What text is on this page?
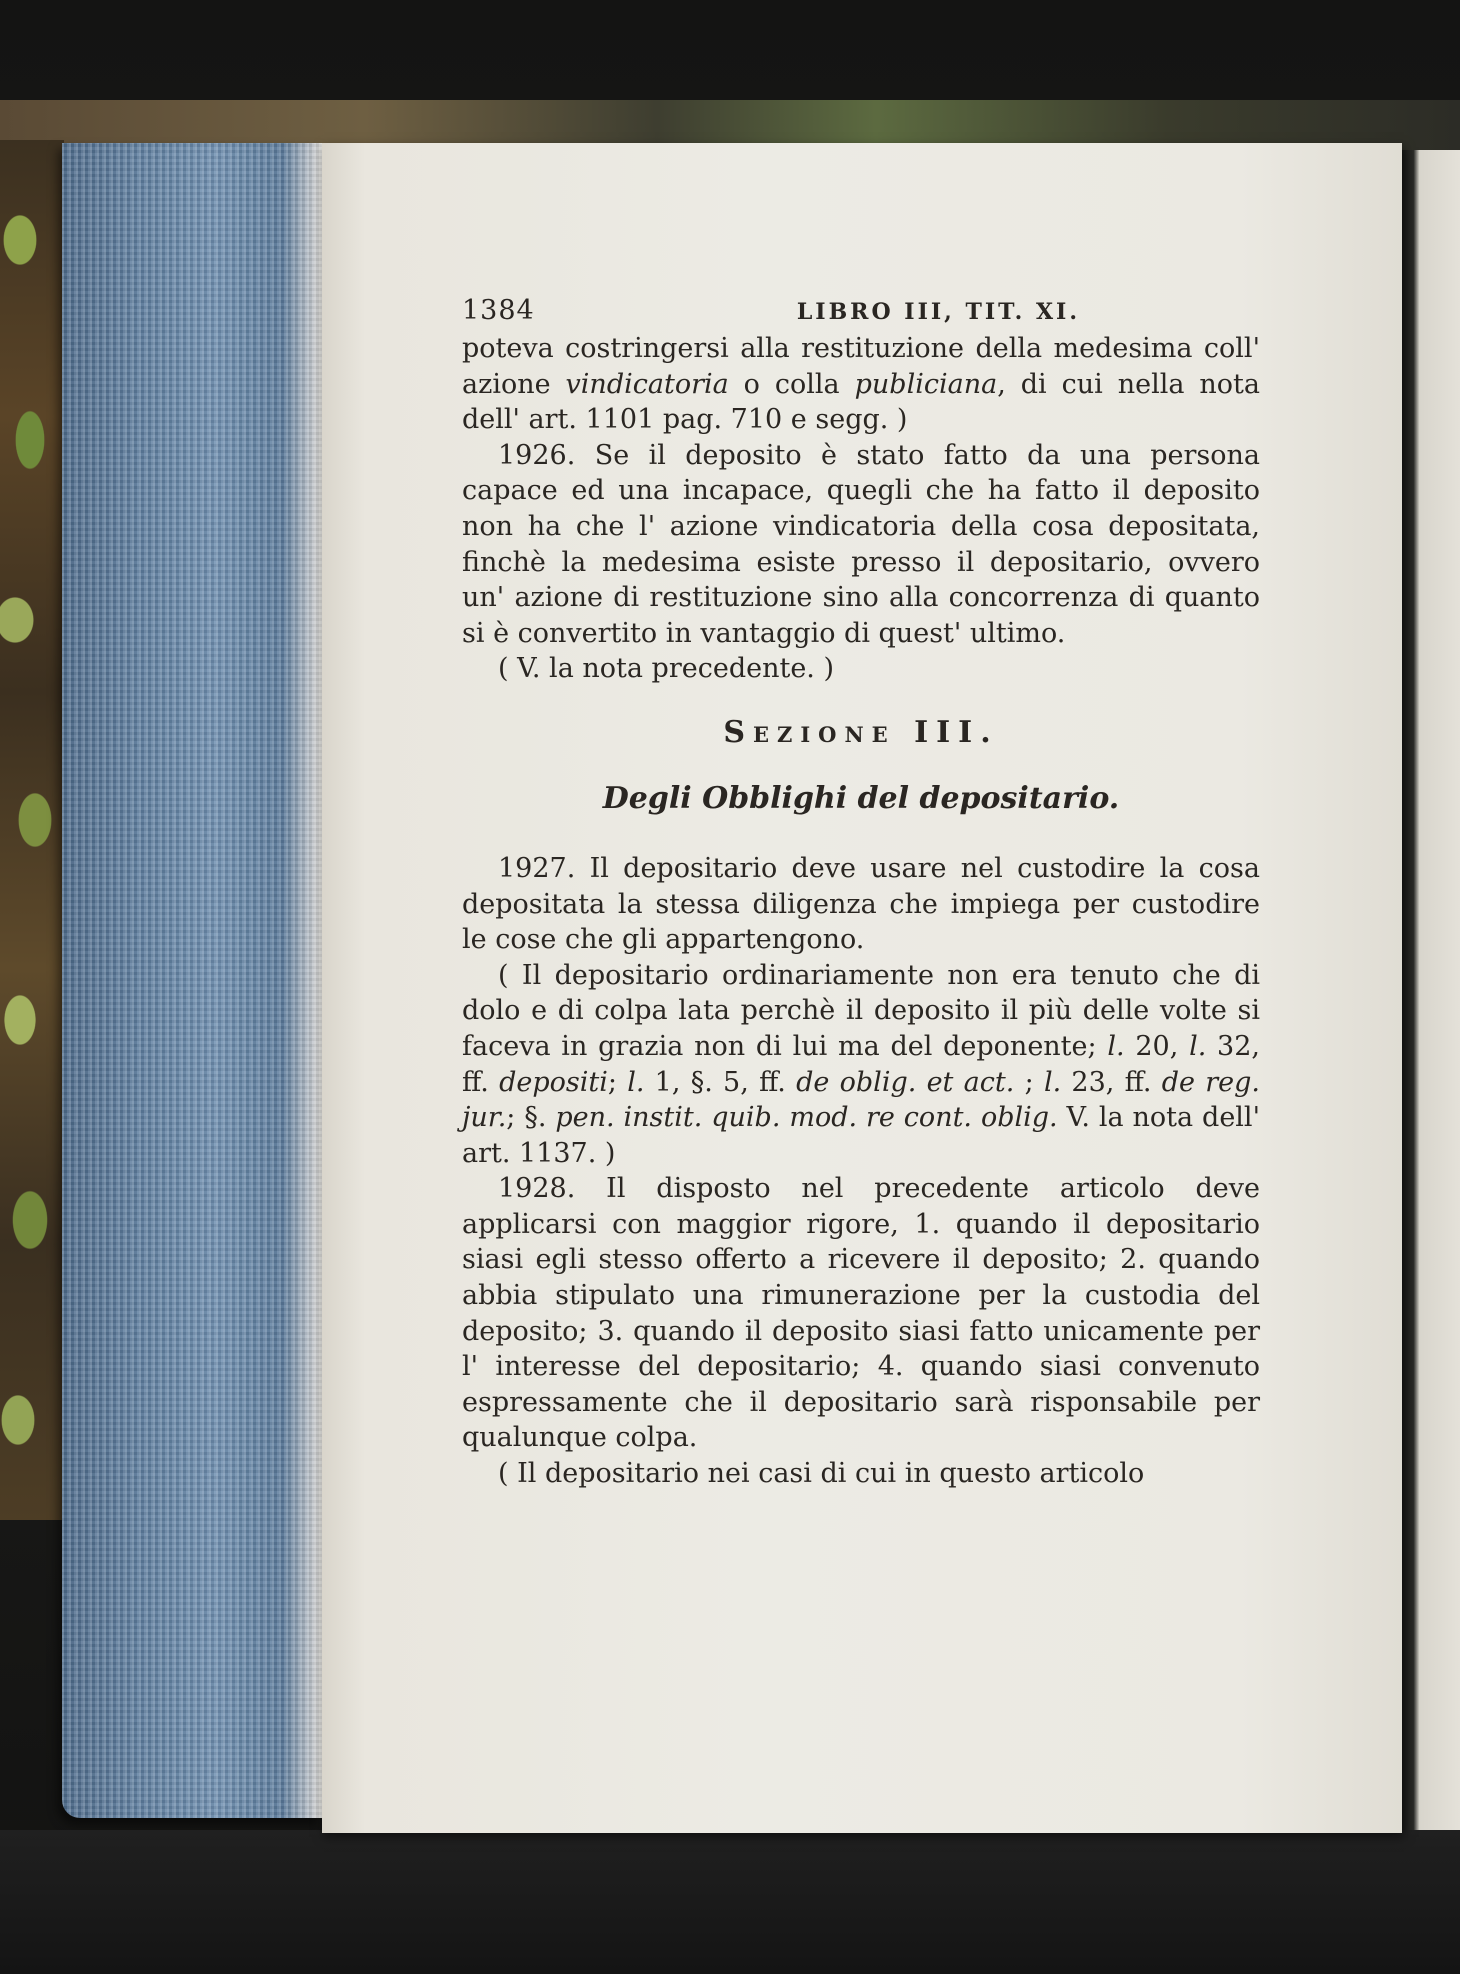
1384	LIBRO III, TIT. XI.

poteva costringersi alla restituzione della medesima coll' azione vindicatoria o colla publiciana, di cui nella nota dell' art. 1101 pag. 710 e segg. )

1926. Se il deposito è stato fatto da una persona capace ed una incapace, quegli che ha fatto il deposito non ha che l' azione vindicatoria della cosa depositata, finchè la medesima esiste presso il depositario, ovvero un' azione di restituzione sino alla concorrenza di quanto si è convertito in vantaggio di quest' ultimo.

( V. la nota precedente. )

Sezione III.
Degli Obblighi del depositario.

1927. Il depositario deve usare nel custodire la cosa depositata la stessa diligenza che impiega per custodire le cose che gli appartengono.

( Il depositario ordinariamente non era tenuto che di dolo e di colpa lata perchè il deposito il più delle volte si faceva in grazia non di lui ma del deponente; l. 20, l. 32, ff. depositi; l. 1, §. 5, ff. de oblig. et act. ; l. 23, ff. de reg. jur.; §. pen. instit. quib. mod. re cont. oblig. V. la nota dell' art. 1137. )

1928. Il disposto nel precedente articolo deve applicarsi con maggior rigore, 1. quando il depositario siasi egli stesso offerto a ricevere il deposito; 2. quando abbia stipulato una rimunerazione per la custodia del deposito; 3. quando il deposito siasi fatto unicamente per l' interesse del depositario; 4. quando siasi convenuto espressamente che il depositario sarà risponsabile per qualunque colpa.

( Il depositario nei casi di cui in questo articolo
